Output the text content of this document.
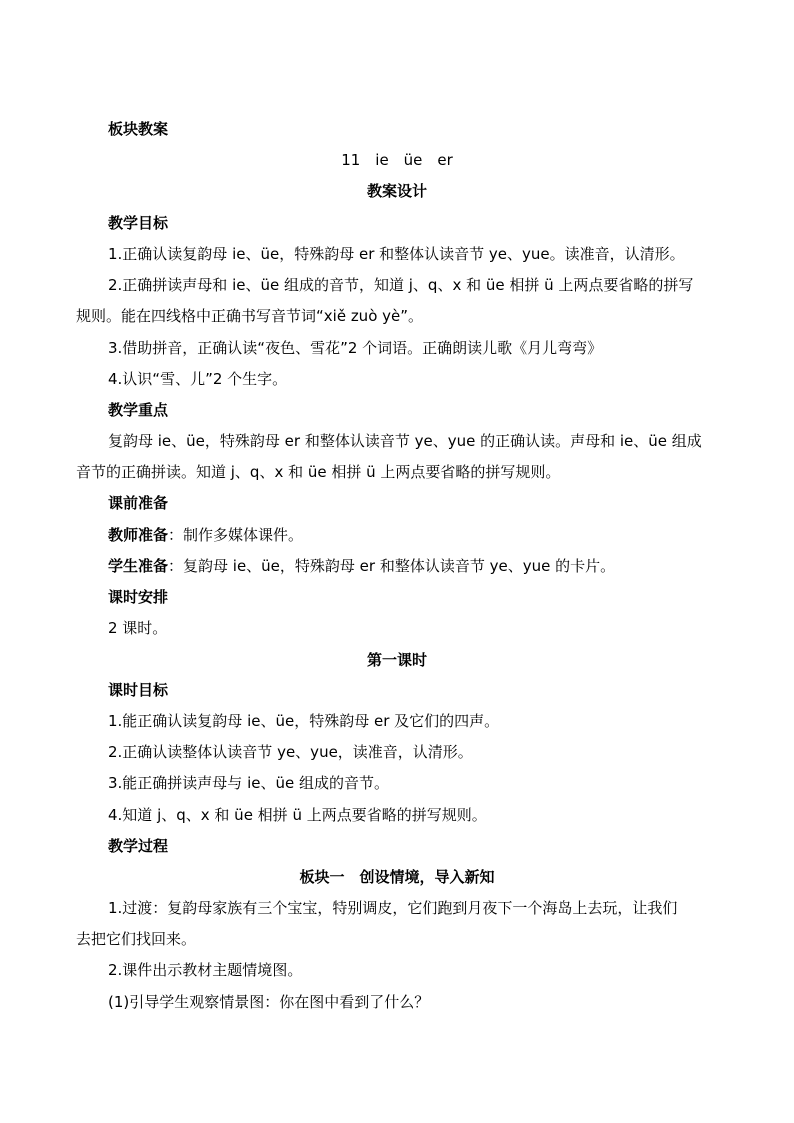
板块教案
11　ie　üe　er
教案设计
教学目标
1.正确认读复韵母 ie、üe，特殊韵母 er 和整体认读音节 ye、yue。读准音，认清形。
2.正确拼读声母和 ie、üe 组成的音节，知道 j、q、x 和 üe 相拼 ü 上两点要省略的拼写
规则。能在四线格中正确书写音节词“xiě zuò yè”。
3.借助拼音，正确认读“夜色、雪花”2 个词语。正确朗读儿歌《月儿弯弯》
4.认识“雪、儿”2 个生字。
教学重点
复韵母 ie、üe，特殊韵母 er 和整体认读音节 ye、yue 的正确认读。声母和 ie、üe 组成
音节的正确拼读。知道 j、q、x 和 üe 相拼 ü 上两点要省略的拼写规则。
课前准备
教师准备：制作多媒体课件。
学生准备：复韵母 ie、üe，特殊韵母 er 和整体认读音节 ye、yue 的卡片。
课时安排
2 课时。
第一课时
课时目标
1.能正确认读复韵母 ie、üe，特殊韵母 er 及它们的四声。
2.正确认读整体认读音节 ye、yue，读准音，认清形。
3.能正确拼读声母与 ie、üe 组成的音节。
4.知道 j、q、x 和 üe 相拼 ü 上两点要省略的拼写规则。
教学过程
板块一　创设情境，导入新知
1.过渡：复韵母家族有三个宝宝，特别调皮，它们跑到月夜下一个海岛上去玩，让我们
去把它们找回来。
2.课件出示教材主题情境图。
(1)引导学生观察情景图：你在图中看到了什么？
